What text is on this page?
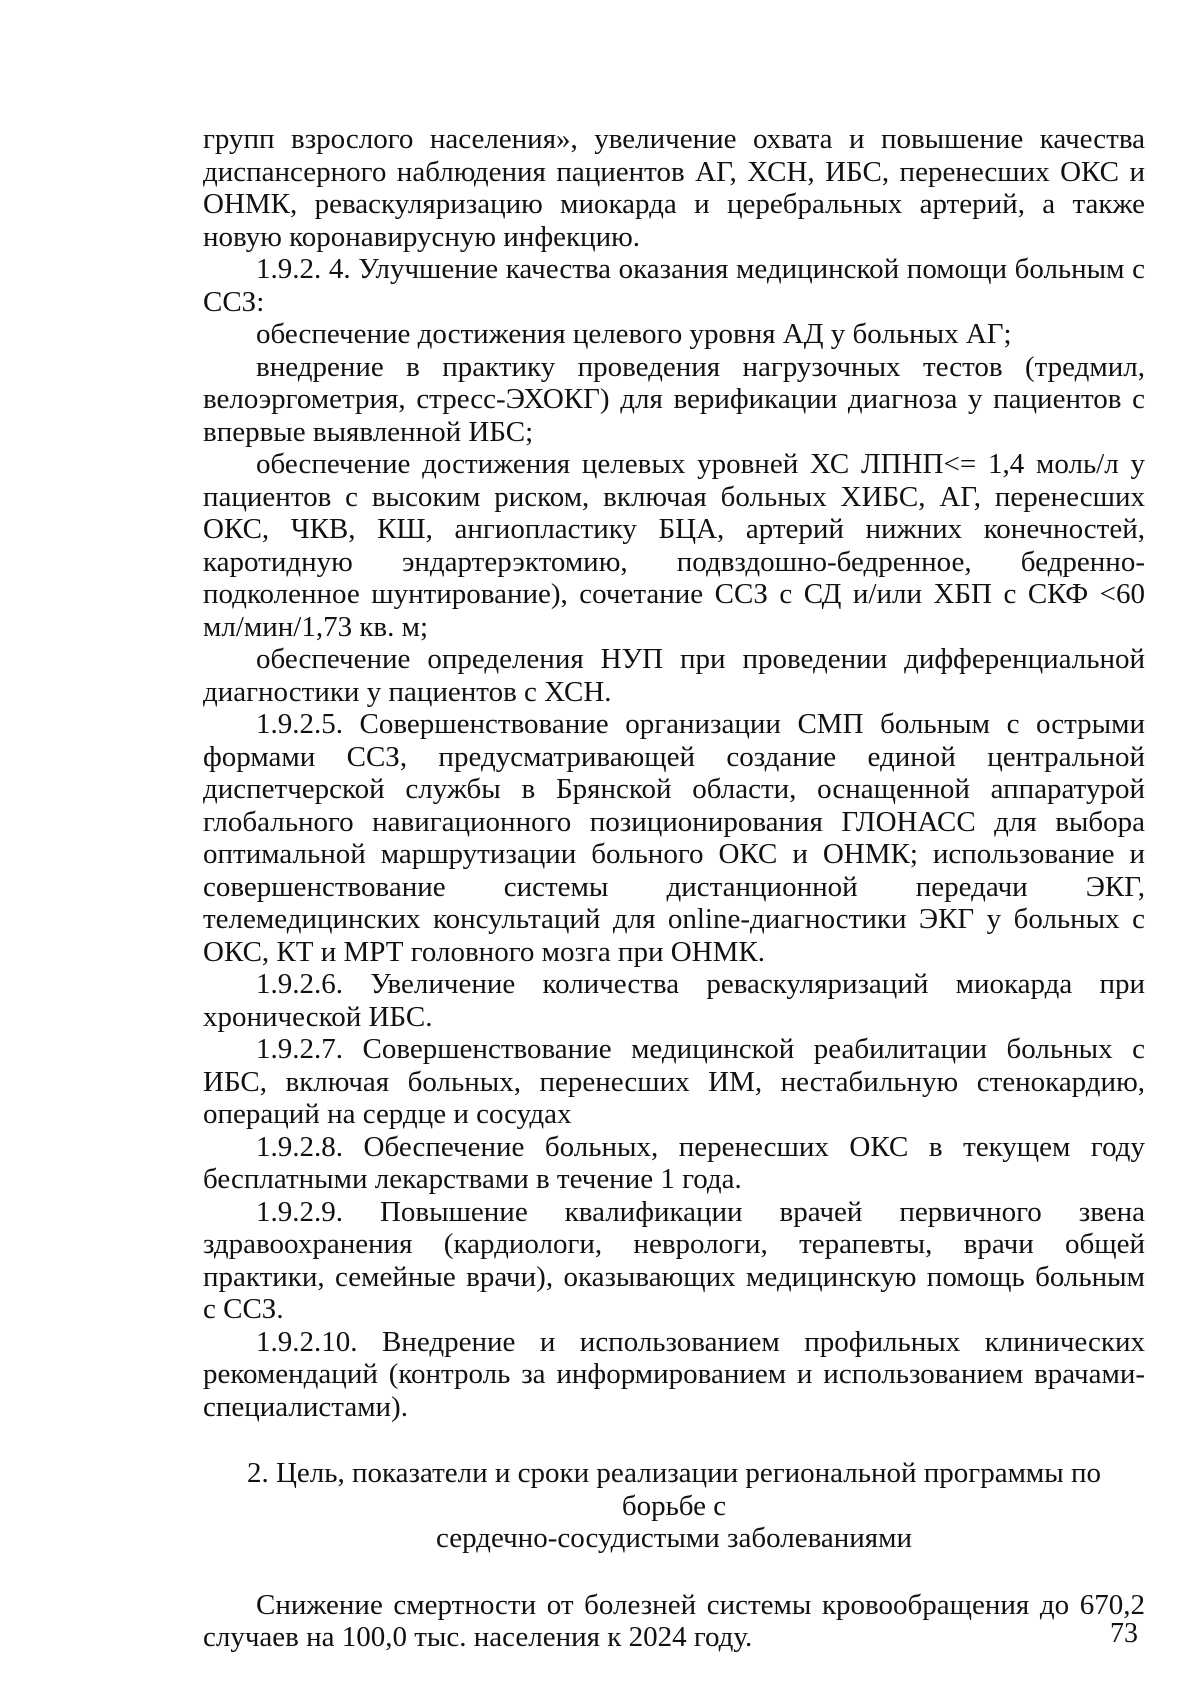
групп взрослого населения», увеличение охвата и повышение качества диспансерного наблюдения пациентов АГ, ХСН, ИБС, перенесших ОКС и ОНМК, реваскуляризацию миокарда и церебральных артерий, а также новую коронавирусную инфекцию.

1.9.2. 4. Улучшение качества оказания медицинской помощи больным с ССЗ:

обеспечение достижения целевого уровня АД у больных АГ;

внедрение в практику проведения нагрузочных тестов (тредмил, велоэргометрия, стресс-ЭХОКГ) для верификации диагноза у пациентов с впервые выявленной ИБС;

обеспечение достижения целевых уровней ХС ЛПНП<= 1,4 моль/л у пациентов с высоким риском, включая больных ХИБС, АГ, перенесших ОКС, ЧКВ, КШ, ангиопластику БЦА, артерий нижних конечностей, каротидную эндартерэктомию, подвздошно-бедренное, бедренно-подколенное шунтирование), сочетание ССЗ с СД и/или ХБП с СКФ <60 мл/мин/1,73 кв. м;

обеспечение определения НУП при проведении дифференциальной диагностики у пациентов с ХСН.

1.9.2.5. Совершенствование организации СМП больным с острыми формами ССЗ, предусматривающей создание единой центральной диспетчерской службы в Брянской области, оснащенной аппаратурой глобального навигационного позиционирования ГЛОНАСС для выбора оптимальной маршрутизации больного ОКС и ОНМК; использование и совершенствование системы дистанционной передачи ЭКГ, телемедицинских консультаций для online-диагностики ЭКГ у больных с ОКС, КТ и МРТ головного мозга при ОНМК.

1.9.2.6. Увеличение количества реваскуляризаций миокарда при хронической ИБС.

1.9.2.7. Совершенствование медицинской реабилитации больных с ИБС, включая больных, перенесших ИМ, нестабильную стенокардию, операций на сердце и сосудах

1.9.2.8. Обеспечение больных, перенесших ОКС в текущем году бесплатными лекарствами в течение 1 года.

1.9.2.9. Повышение квалификации врачей первичного звена здравоохранения (кардиологи, неврологи, терапевты, врачи общей практики, семейные врачи), оказывающих медицинскую помощь больным с ССЗ.

1.9.2.10. Внедрение и использованием профильных клинических рекомендаций (контроль за информированием и использованием врачами-специалистами).

2. Цель, показатели и сроки реализации региональной программы по борьбе с
сердечно-сосудистыми заболеваниями

Снижение смертности от болезней системы кровообращения до 670,2 случаев на 100,0 тыс. населения к 2024 году.	73
